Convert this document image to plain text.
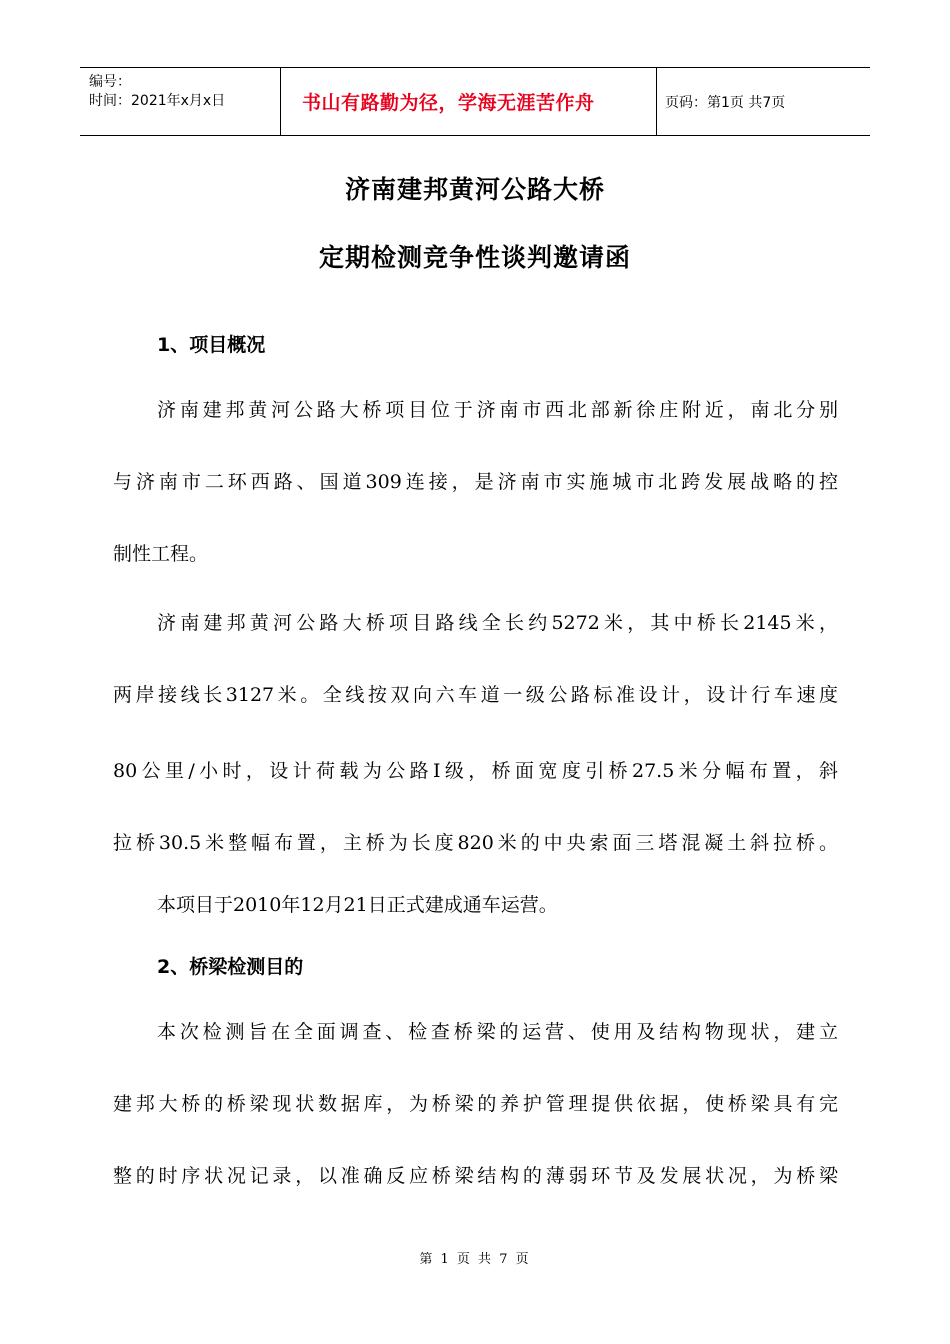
编号：
时间：2021年x月x日	书山有路勤为径，学海无涯苦作舟	页码：第1页 共7页
济南建邦黄河公路大桥
定期检测竞争性谈判邀请函
1、项目概况
济南建邦黄河公路大桥项目位于济南市西北部新徐庄附近，南北分别
与济南市二环西路、国道309连接，是济南市实施城市北跨发展战略的控
制性工程。
济南建邦黄河公路大桥项目路线全长约5272米，其中桥长2145米，
两岸接线长3127米。全线按双向六车道一级公路标准设计，设计行车速度
80公里/小时，设计荷载为公路Ⅰ级，桥面宽度引桥27.5米分幅布置，斜
拉桥30.5米整幅布置，主桥为长度820米的中央索面三塔混凝土斜拉桥。
本项目于2010年12月21日正式建成通车运营。
2、桥梁检测目的
本次检测旨在全面调查、检查桥梁的运营、使用及结构物现状，建立
建邦大桥的桥梁现状数据库，为桥梁的养护管理提供依据，使桥梁具有完
整的时序状况记录，以准确反应桥梁结构的薄弱环节及发展状况，为桥梁
第 1 页 共 7 页
